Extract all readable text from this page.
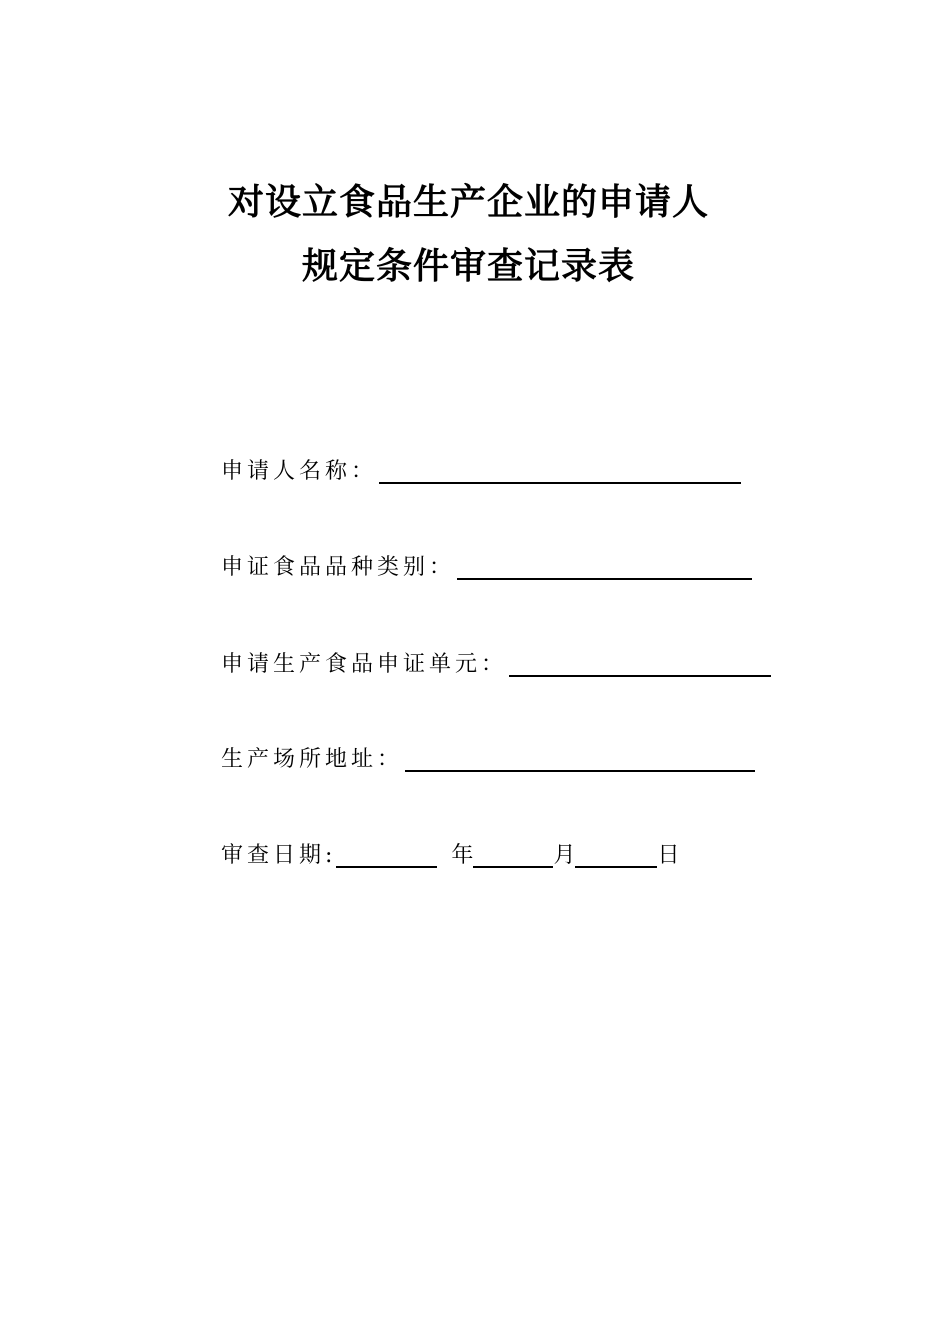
对设立食品生产企业的申请人
规定条件审查记录表
申请人名称：
申证食品品种类别：
申请生产食品申证单元：
生产场所地址：
审查日期:	年	月	日
